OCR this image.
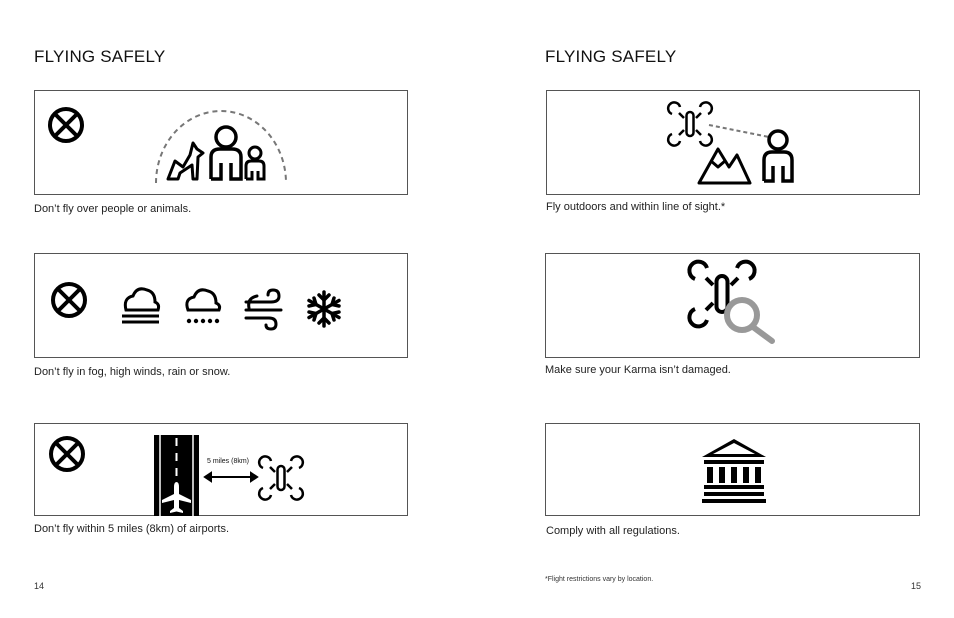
FLYING SAFELY

Don’t fly over people or animals.

Don’t fly in fog, high winds, rain or snow.

5 miles (8km)

Don’t fly within 5 miles (8km) of airports.

14
FLYING SAFELY

Fly outdoors and within line of sight.*

Make sure your Karma isn’t damaged.

Comply with all regulations.

*Flight restrictions vary by location.
15
